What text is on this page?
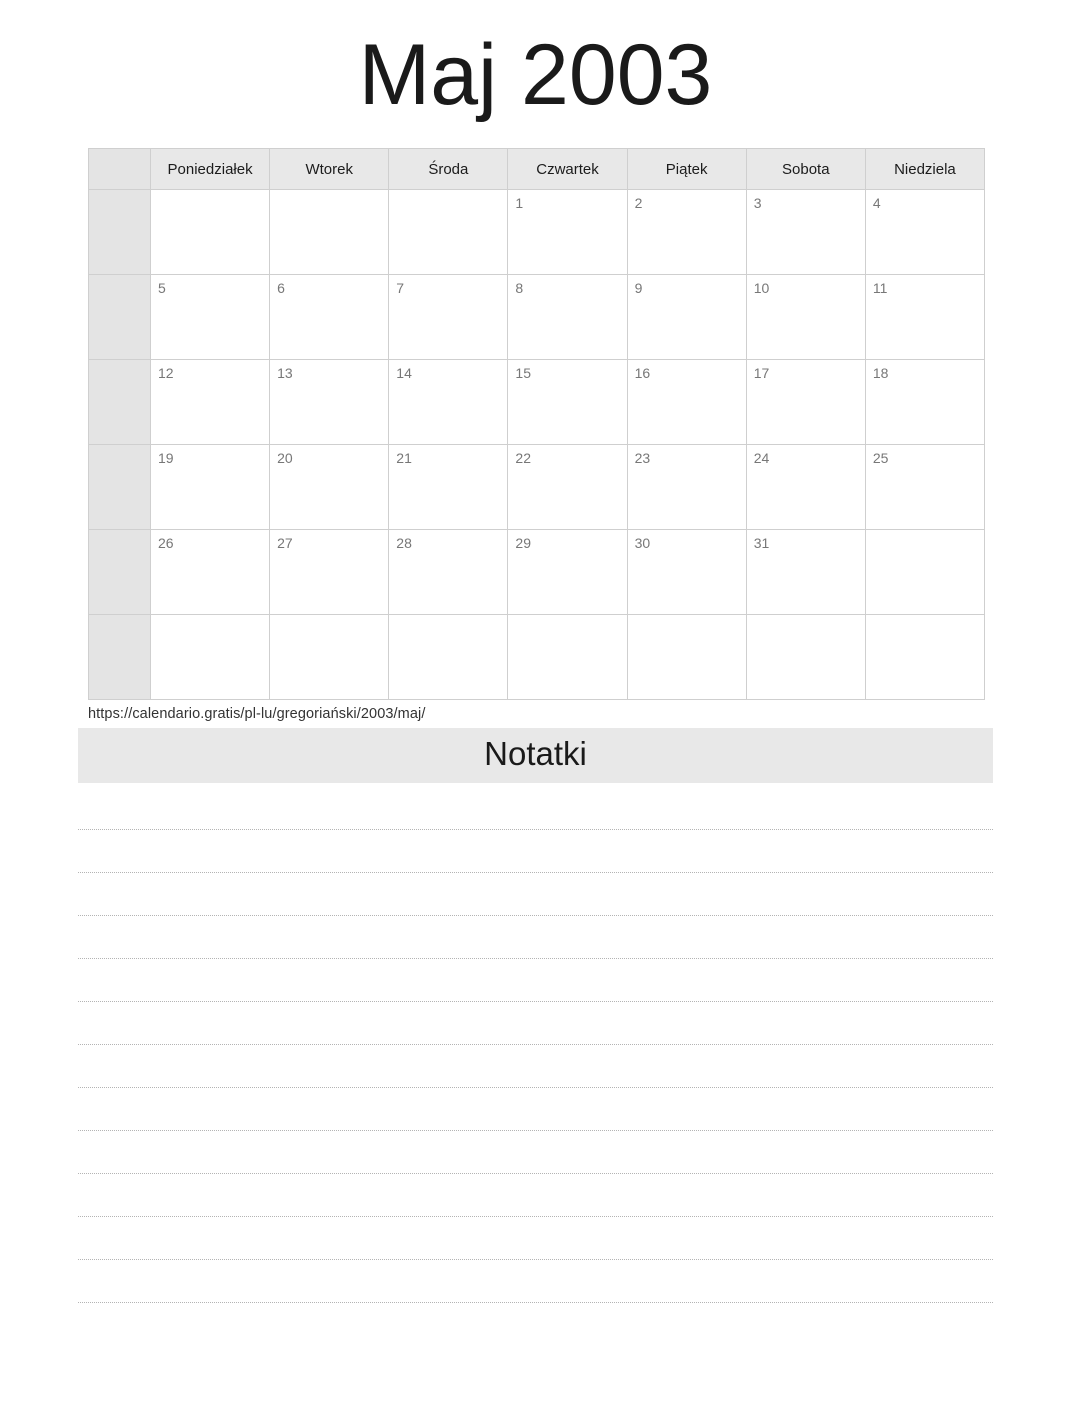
Maj 2003
	Poniedziałek	Wtorek	Środa	Czwartek	Piątek	Sobota	Niedziela

				1	2	3	4

	5	6	7	8	9	10	11

	12	13	14	15	16	17	18

	19	20	21	22	23	24	25

	26	27	28	29	30	31	

https://calendario.gratis/pl-lu/gregoriański/2003/maj/
Notatki
